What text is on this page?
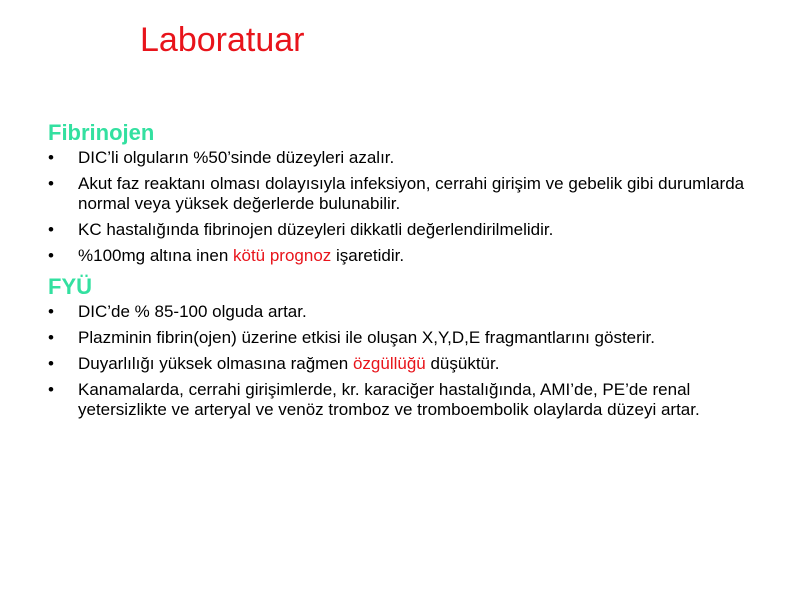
Laboratuar
Fibrinojen
•	DIC’li olguların %50’sinde düzeyleri azalır.
•	Akut faz reaktanı olması dolayısıyla infeksiyon, cerrahi girişim ve gebelik gibi durumlarda normal veya yüksek değerlerde bulunabilir.
•	KC hastalığında fibrinojen düzeyleri dikkatli değerlendirilmelidir.
•	%100mg altına inen kötü prognoz işaretidir.
FYÜ
•	DIC’de % 85-100 olguda artar.
•	Plazminin fibrin(ojen) üzerine etkisi ile oluşan X,Y,D,E fragmantlarını gösterir.
•	Duyarlılığı yüksek olmasına rağmen özgüllüğü düşüktür.
•	Kanamalarda, cerrahi girişimlerde, kr. karaciğer hastalığında, AMI’de, PE’de renal yetersizlikte ve arteryal ve venöz tromboz ve tromboembolik olaylarda düzeyi artar.
